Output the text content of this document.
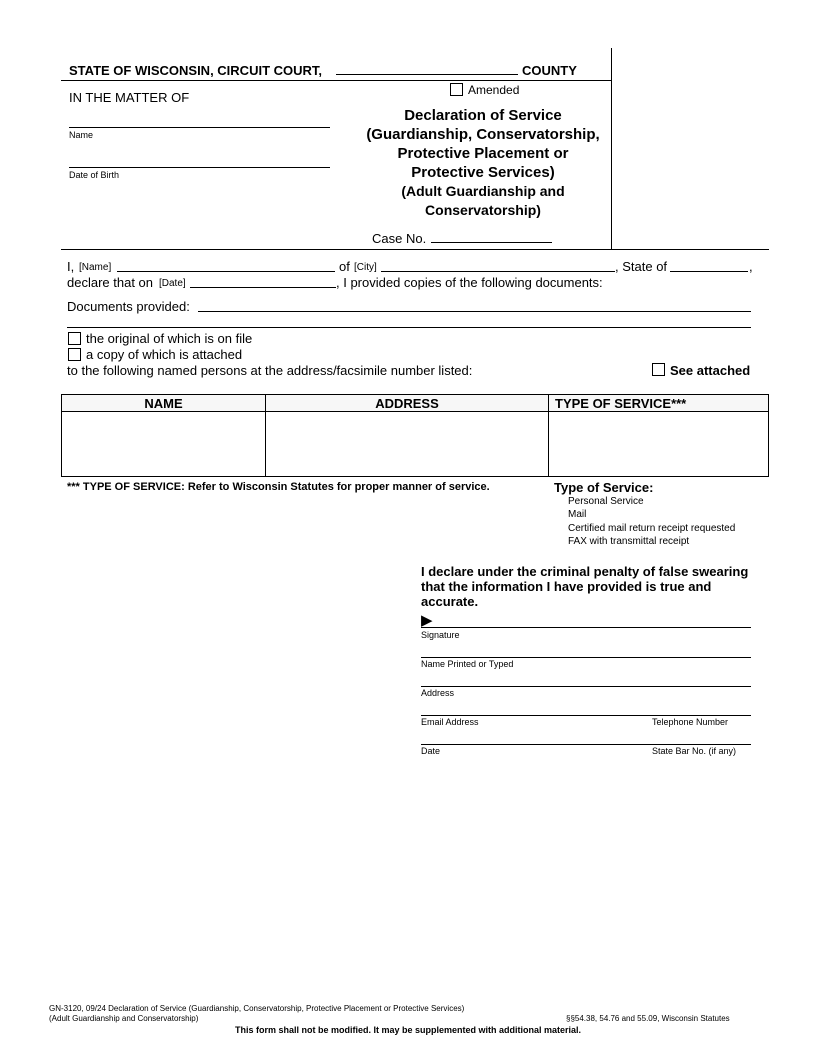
STATE OF WISCONSIN, CIRCUIT COURT,	COUNTY
IN THE MATTER OF
Name
Date of Birth
Amended
Declaration of Service
(Guardianship, Conservatorship,
Protective Placement or
Protective Services)
(Adult Guardianship and
Conservatorship)
Case No.
I, [Name]	of [City]	, State of	,
declare that on [Date]	, I provided copies of the following documents:
Documents provided:
the original of which is on file
a copy of which is attached
to the following named persons at the address/facsimile number listed:	See attached
NAME	ADDRESS	TYPE OF SERVICE***

*** TYPE OF SERVICE: Refer to Wisconsin Statutes for proper manner of service.	Type of Service:
Personal Service
Mail
Certified mail return receipt requested
FAX with transmittal receipt
I declare under the criminal penalty of false swearing
that the information I have provided is true and
accurate.
▶
Signature
Name Printed or Typed
Address
Email Address	Telephone Number
Date	State Bar No. (if any)
GN-3120, 09/24 Declaration of Service (Guardianship, Conservatorship, Protective Placement or Protective Services)
(Adult Guardianship and Conservatorship)	§§54.38, 54.76 and 55.09, Wisconsin Statutes
This form shall not be modified. It may be supplemented with additional material.
